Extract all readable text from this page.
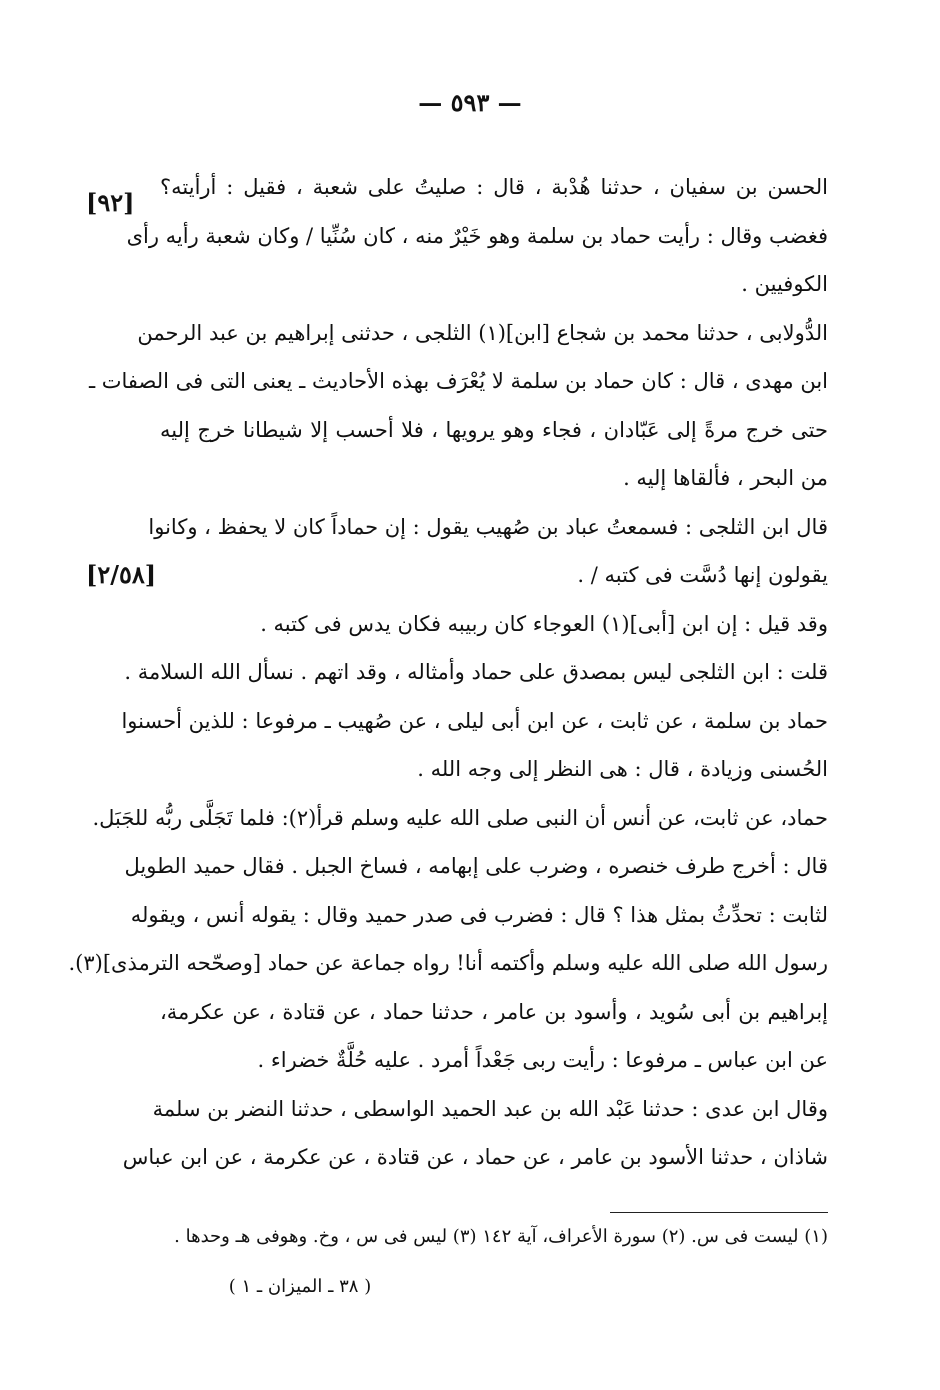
— ٥٩٣ —
[٩٢]
[٢/٥٨]
الحسن بن سفيان ، حدثنا هُدْبة ، قال : صليتُ على شعبة ، فقيل : أرأيته؟
فغضب وقال : رأيت حماد بن سلمة وهو خَيْرٌ منه ، كان سُنِّيا / وكان شعبة رأيه رأى
الكوفيين .
الدُّولابى ، حدثنا محمد بن شجاع [ابن](١) الثلجى ، حدثنى إبراهيم بن عبد الرحمن
ابن مهدى ، قال : كان حماد بن سلمة لا يُعْرَف بهذه الأحاديث ـ يعنى التى فى الصفات ـ
حتى خرج مرةً إلى عَبّادان ، فجاء وهو يرويها ، فلا أحسب إلا شيطانا خرج إليه
من البحر ، فألقاها إليه .
قال ابن الثلجى : فسمعتُ عباد بن صُهيب يقول : إن حماداً كان لا يحفظ ، وكانوا
يقولون إنها دُسَّت فى كتبه / .
وقد قيل : إن ابن [أبى](١) العوجاء كان ربيبه فكان يدس فى كتبه .
قلت : ابن الثلجى ليس بمصدق على حماد وأمثاله ، وقد اتهم . نسأل الله السلامة .
حماد بن سلمة ، عن ثابت ، عن ابن أبى ليلى ، عن صُهيب ـ مرفوعا : للذين أحسنوا
الحُسنى وزيادة ، قال : هى النظر إلى وجه الله .
حماد، عن ثابت، عن أنس أن النبى صلى الله عليه وسلم قرأ(٢): فلما تَجَلَّى ربُّه للجَبَل.
قال : أخرج طرف خنصره ، وضرب على إبهامه ، فساخ الجبل . فقال حميد الطويل
لثابت : تحدِّثُ بمثل هذا ؟ قال : فضرب فى صدر حميد وقال : يقوله أنس ، ويقوله
رسول الله صلى الله عليه وسلم وأكتمه أنا! رواه جماعة عن حماد [وصحّحه الترمذى](٣).
إبراهيم بن أبى سُويد ، وأسود بن عامر ، حدثنا حماد ، عن قتادة ، عن عكرمة،
عن ابن عباس ـ مرفوعا : رأيت ربى جَعْداً أمرد . عليه حُلَّةٌ خضراء .
وقال ابن عدى : حدثنا عَبْد الله بن عبد الحميد الواسطى ، حدثنا النضر بن سلمة
شاذان ، حدثنا الأسود بن عامر ، عن حماد ، عن قتادة ، عن عكرمة ، عن ابن عباس
(١) ليست فى س. (٢) سورة الأعراف، آية ١٤٢ (٣) ليس فى س ، وخ. وهوفى هـ وحدها .
( ٣٨ ـ الميزان ـ ١ )
